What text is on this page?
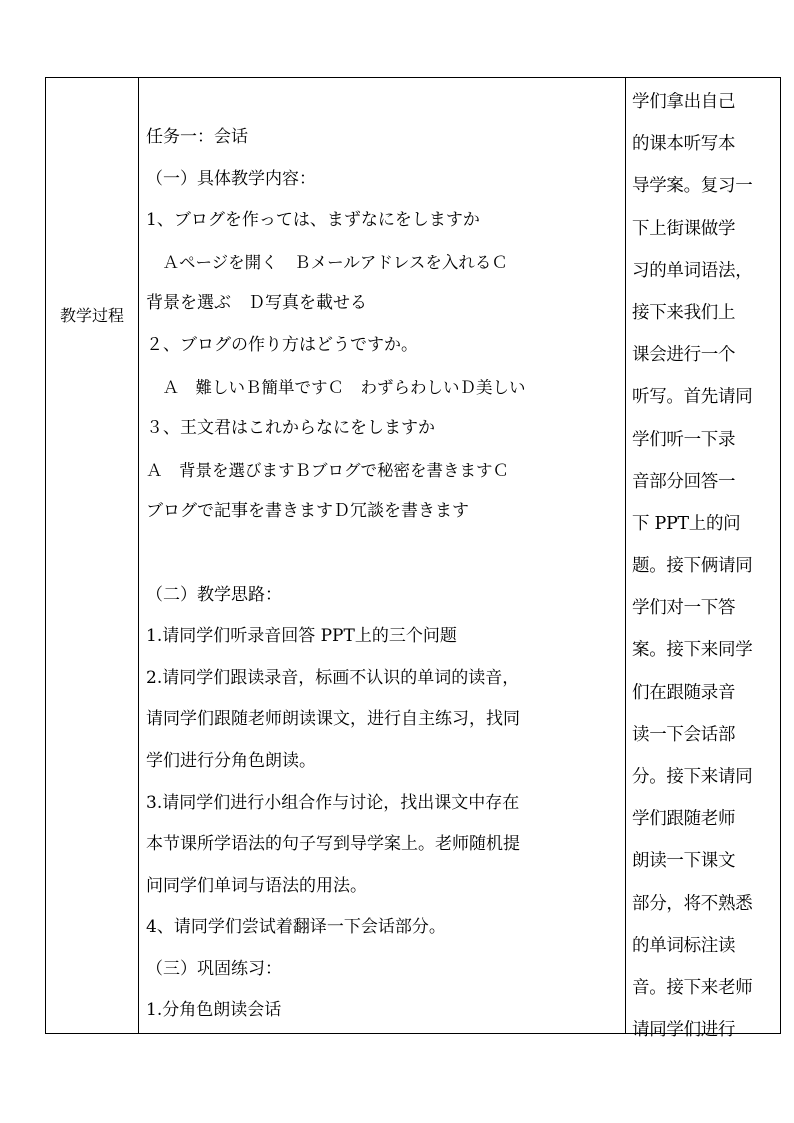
教学过程
任务一：会话
（一）具体教学内容：
1、ブログを作っては、まずなにをしますか
　Ａページを開く　Ｂメールアドレスを入れるＣ
背景を選ぶ　Ｄ写真を載せる
２、ブログの作り方はどうですか。
　Ａ　難しいＢ簡単ですＣ　わずらわしいＤ美しい
３、王文君はこれからなにをしますか
Ａ　背景を選びますＢブログで秘密を書きますＣ
ブログで記事を書きますＤ冗談を書きます
（二）教学思路：
1.请同学们听录音回答 PPT上的三个问题
2.请同学们跟读录音，标画不认识的单词的读音，
请同学们跟随老师朗读课文，进行自主练习，找同
学们进行分角色朗读。
3.请同学们进行小组合作与讨论，找出课文中存在
本节课所学语法的句子写到导学案上。老师随机提
问同学们单词与语法的用法。
4、请同学们尝试着翻译一下会话部分。
（三）巩固练习：
1.分角色朗读会话
学们拿出自己
的课本听写本
导学案。复习一
下上街课做学
习的单词语法，
接下来我们上
课会进行一个
听写。首先请同
学们听一下录
音部分回答一
下 PPT上的问
题。接下俩请同
学们对一下答
案。接下来同学
们在跟随录音
读一下会话部
分。接下来请同
学们跟随老师
朗读一下课文
部分，将不熟悉
的单词标注读
音。接下来老师
请同学们进行
